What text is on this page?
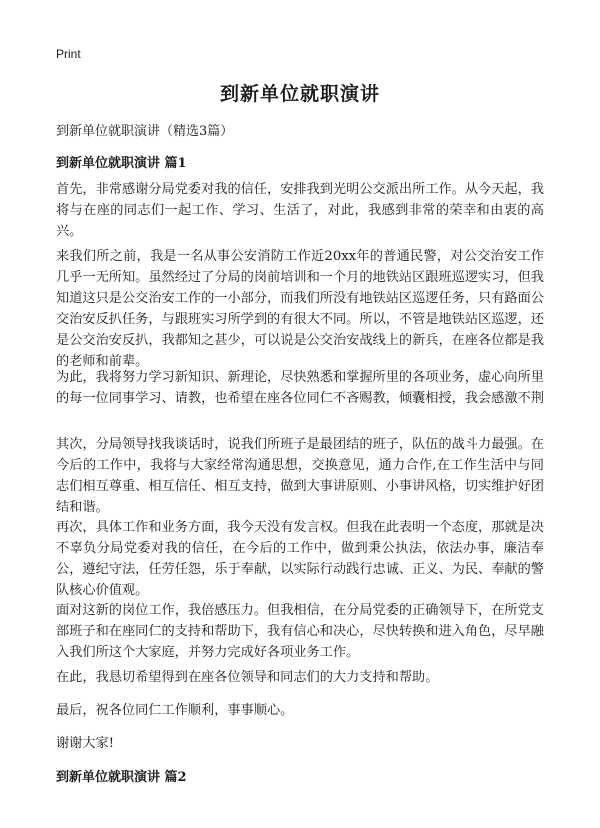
Print
到新单位就职演讲

到新单位就职演讲（精选3篇）

到新单位就职演讲 篇1

首先，非常感谢分局党委对我的信任，安排我到光明公交派出所工作。从今天起，我将与在座的同志们一起工作、学习、生活了，对此，我感到非常的荣幸和由衷的高兴。

来我们所之前，我是一名从事公安消防工作近20xx年的普通民警，对公交治安工作几乎一无所知。虽然经过了分局的岗前培训和一个月的地铁站区跟班巡逻实习，但我知道这只是公交治安工作的一小部分，而我们所没有地铁站区巡逻任务，只有路面公交治安反扒任务，与跟班实习所学到的有很大不同。所以，不管是地铁站区巡逻，还是公交治安反扒，我都知之甚少，可以说是公交治安战线上的新兵，在座各位都是我的老师和前辈。

为此，我将努力学习新知识、新理论，尽快熟悉和掌握所里的各项业务，虚心向所里的每一位同事学习、请教，也希望在座各位同仁不吝赐教，倾囊相授，我会感激不荆

其次，分局领导找我谈话时，说我们所班子是最团结的班子，队伍的战斗力最强。在今后的工作中，我将与大家经常沟通思想，交换意见，通力合作,在工作生活中与同志们相互尊重、相互信任、相互支持，做到大事讲原则、小事讲风格，切实维护好团结和谐。

再次，具体工作和业务方面，我今天没有发言权。但我在此表明一个态度，那就是决不辜负分局党委对我的信任，在今后的工作中，做到秉公执法，依法办事，廉洁奉公，遵纪守法，任劳任怨，乐于奉献，以实际行动践行忠诚、正义、为民、奉献的警队核心价值观。

面对这新的岗位工作，我倍感压力。但我相信，在分局党委的正确领导下，在所党支部班子和在座同仁的支持和帮助下，我有信心和决心，尽快转换和进入角色，尽早融入我们所这个大家庭，并努力完成好各项业务工作。

在此，我恳切希望得到在座各位领导和同志们的大力支持和帮助。

最后，祝各位同仁工作顺利，事事顺心。

谢谢大家!

到新单位就职演讲 篇2
